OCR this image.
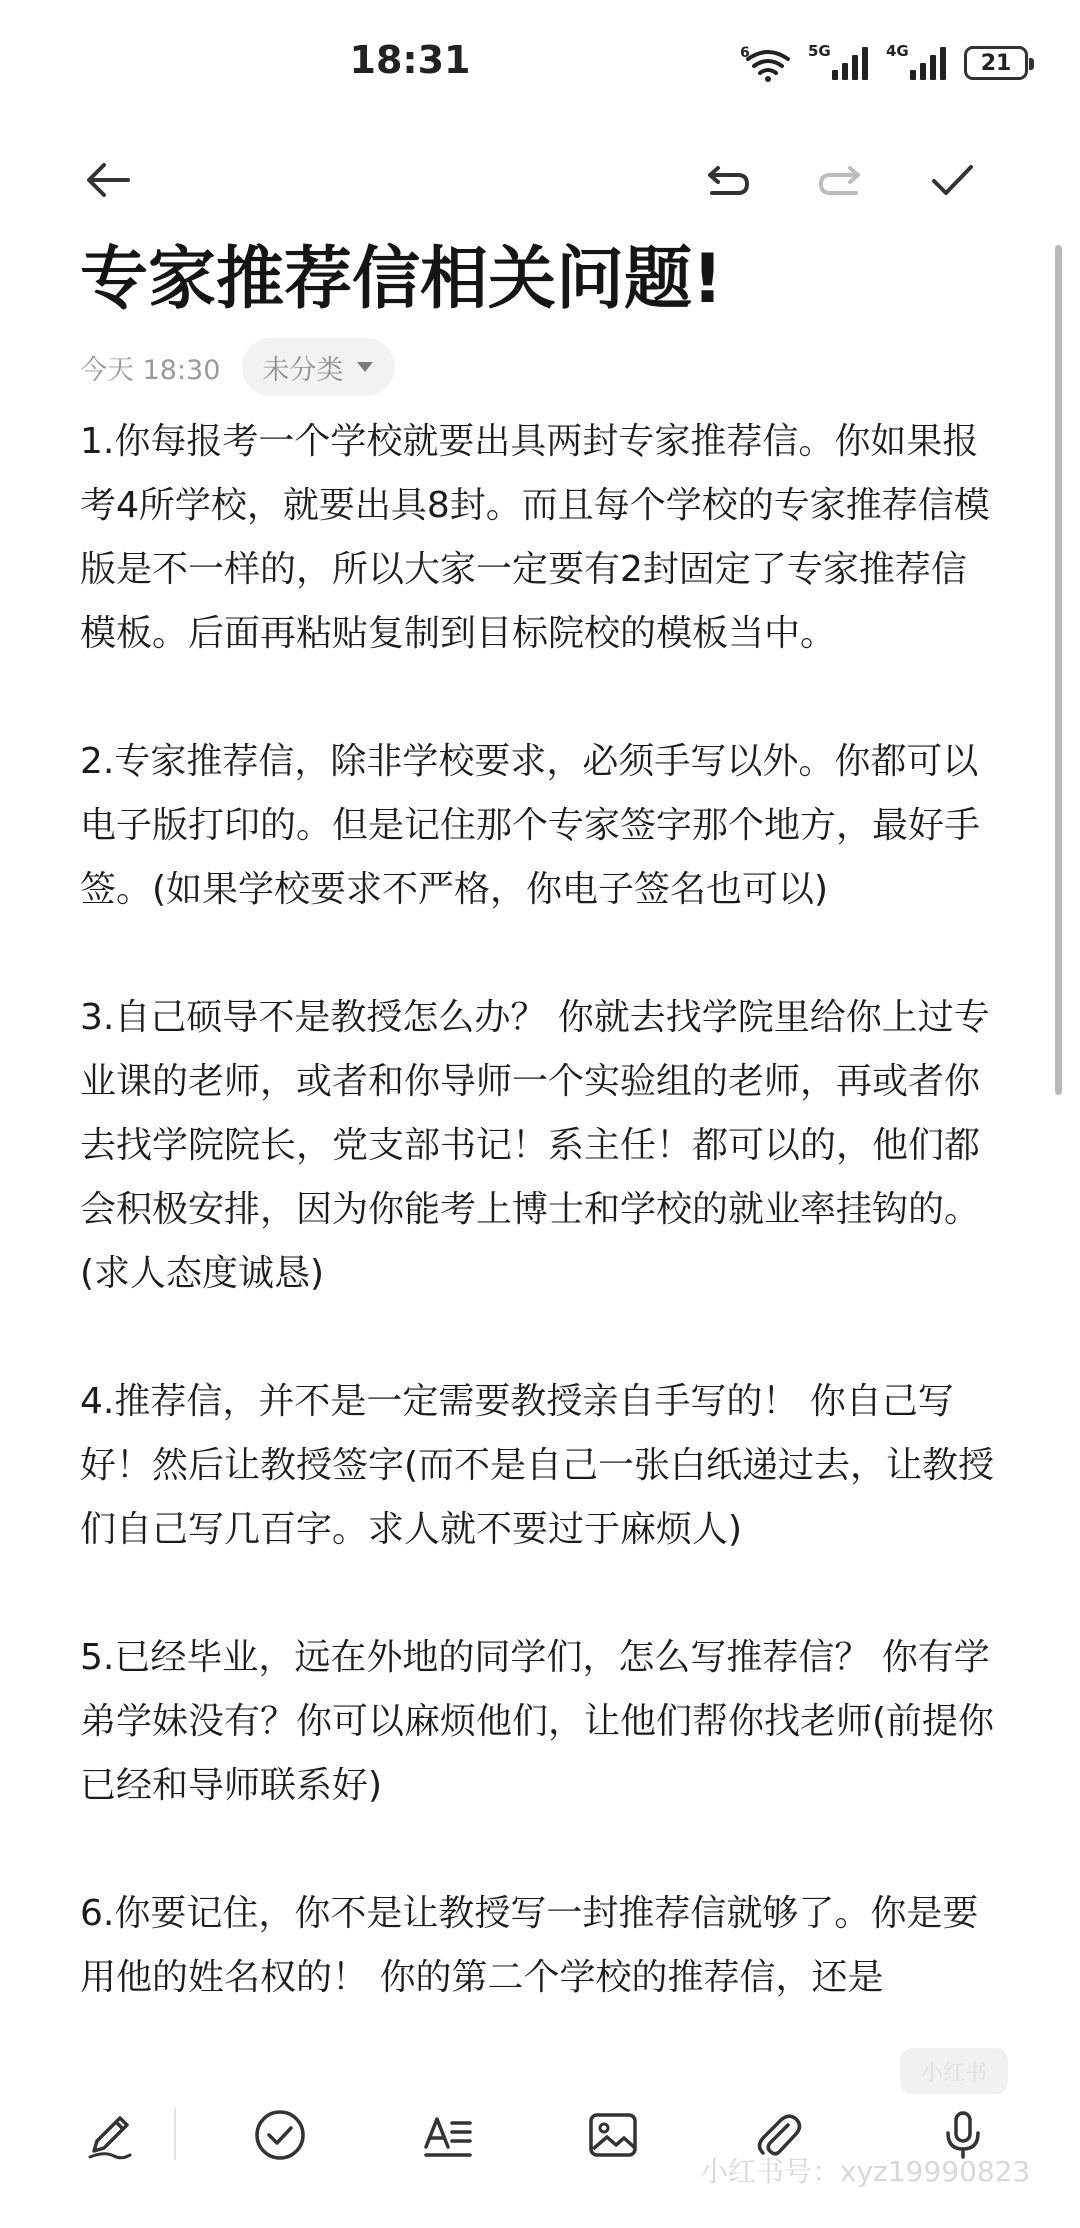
18:31	6	5G	4G	21
专家推荐信相关问题!
今天 18:30 未分类

1.你每报考一个学校就要出具两封专家推荐信。你如果报考4所学校，就要出具8封。而且每个学校的专家推荐信模版是不一样的，所以大家一定要有2封固定了专家推荐信模板。后面再粘贴复制到目标院校的模板当中。

2.专家推荐信，除非学校要求，必须手写以外。你都可以电子版打印的。但是记住那个专家签字那个地方，最好手签。(如果学校要求不严格，你电子签名也可以)

3.自己硕导不是教授怎么办？ 你就去找学院里给你上过专业课的老师，或者和你导师一个实验组的老师，再或者你去找学院院长，党支部书记！系主任！都可以的，他们都会积极安排，因为你能考上博士和学校的就业率挂钩的。(求人态度诚恳)

4.推荐信，并不是一定需要教授亲自手写的！ 你自己写好！然后让教授签字(而不是自己一张白纸递过去，让教授们自己写几百字。求人就不要过于麻烦人)

5.已经毕业，远在外地的同学们，怎么写推荐信？ 你有学弟学妹没有？你可以麻烦他们，让他们帮你找老师(前提你已经和导师联系好)

6.你要记住，你不是让教授写一封推荐信就够了。你是要用他的姓名权的！ 你的第二个学校的推荐信，还是

小红书
小红书号：xyz19990823
